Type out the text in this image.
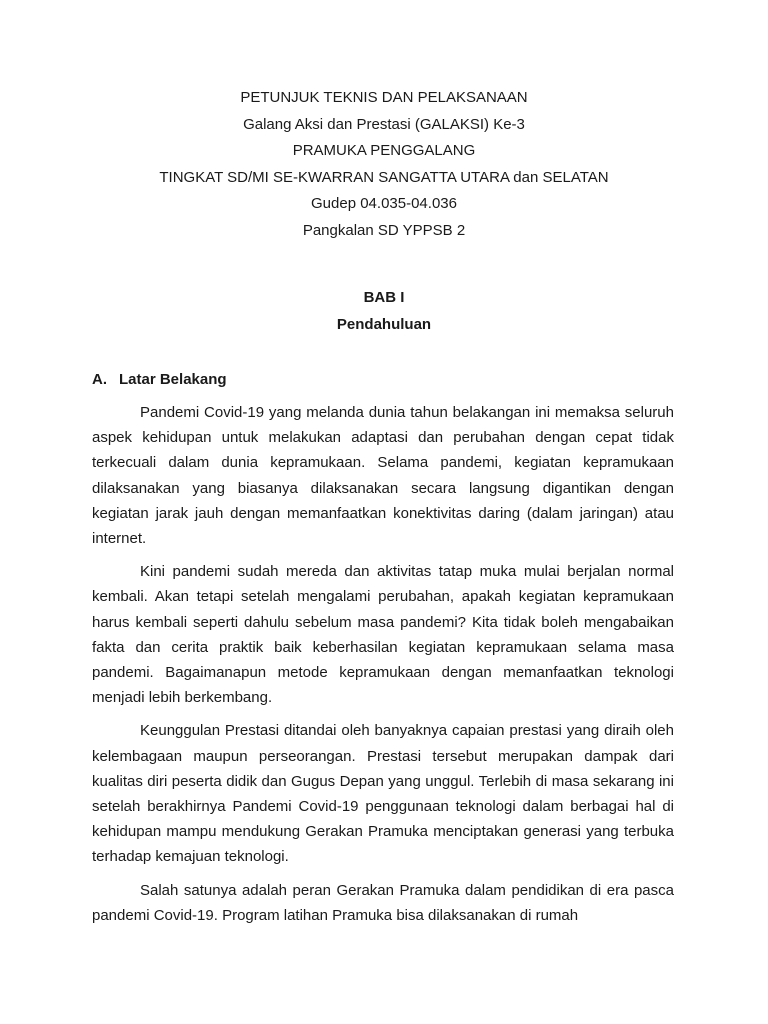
PETUNJUK TEKNIS DAN PELAKSANAAN
Galang Aksi dan Prestasi (GALAKSI) Ke-3
PRAMUKA PENGGALANG
TINGKAT SD/MI SE-KWARRAN SANGATTA UTARA dan SELATAN
Gudep 04.035-04.036
Pangkalan SD YPPSB 2
BAB I
Pendahuluan
A. Latar Belakang

Pandemi Covid-19 yang melanda dunia tahun belakangan ini memaksa seluruh aspek kehidupan untuk melakukan adaptasi dan perubahan dengan cepat tidak terkecuali dalam dunia kepramukaan. Selama pandemi, kegiatan kepramukaan dilaksanakan yang biasanya dilaksanakan secara langsung digantikan dengan kegiatan jarak jauh dengan memanfaatkan konektivitas daring (dalam jaringan) atau internet.

Kini pandemi sudah mereda dan aktivitas tatap muka mulai berjalan normal kembali. Akan tetapi setelah mengalami perubahan, apakah kegiatan kepramukaan harus kembali seperti dahulu sebelum masa pandemi? Kita tidak boleh mengabaikan fakta dan cerita praktik baik keberhasilan kegiatan kepramukaan selama masa pandemi. Bagaimanapun metode kepramukaan dengan memanfaatkan teknologi menjadi lebih berkembang.

Keunggulan Prestasi ditandai oleh banyaknya capaian prestasi yang diraih oleh kelembagaan maupun perseorangan. Prestasi tersebut merupakan dampak dari kualitas diri peserta didik dan Gugus Depan yang unggul. Terlebih di masa sekarang ini setelah berakhirnya Pandemi Covid-19 penggunaan teknologi dalam berbagai hal di kehidupan mampu mendukung Gerakan Pramuka menciptakan generasi yang terbuka terhadap kemajuan teknologi.

Salah satunya adalah peran Gerakan Pramuka dalam pendidikan di era pasca pandemi Covid-19. Program latihan Pramuka bisa dilaksanakan di rumah
